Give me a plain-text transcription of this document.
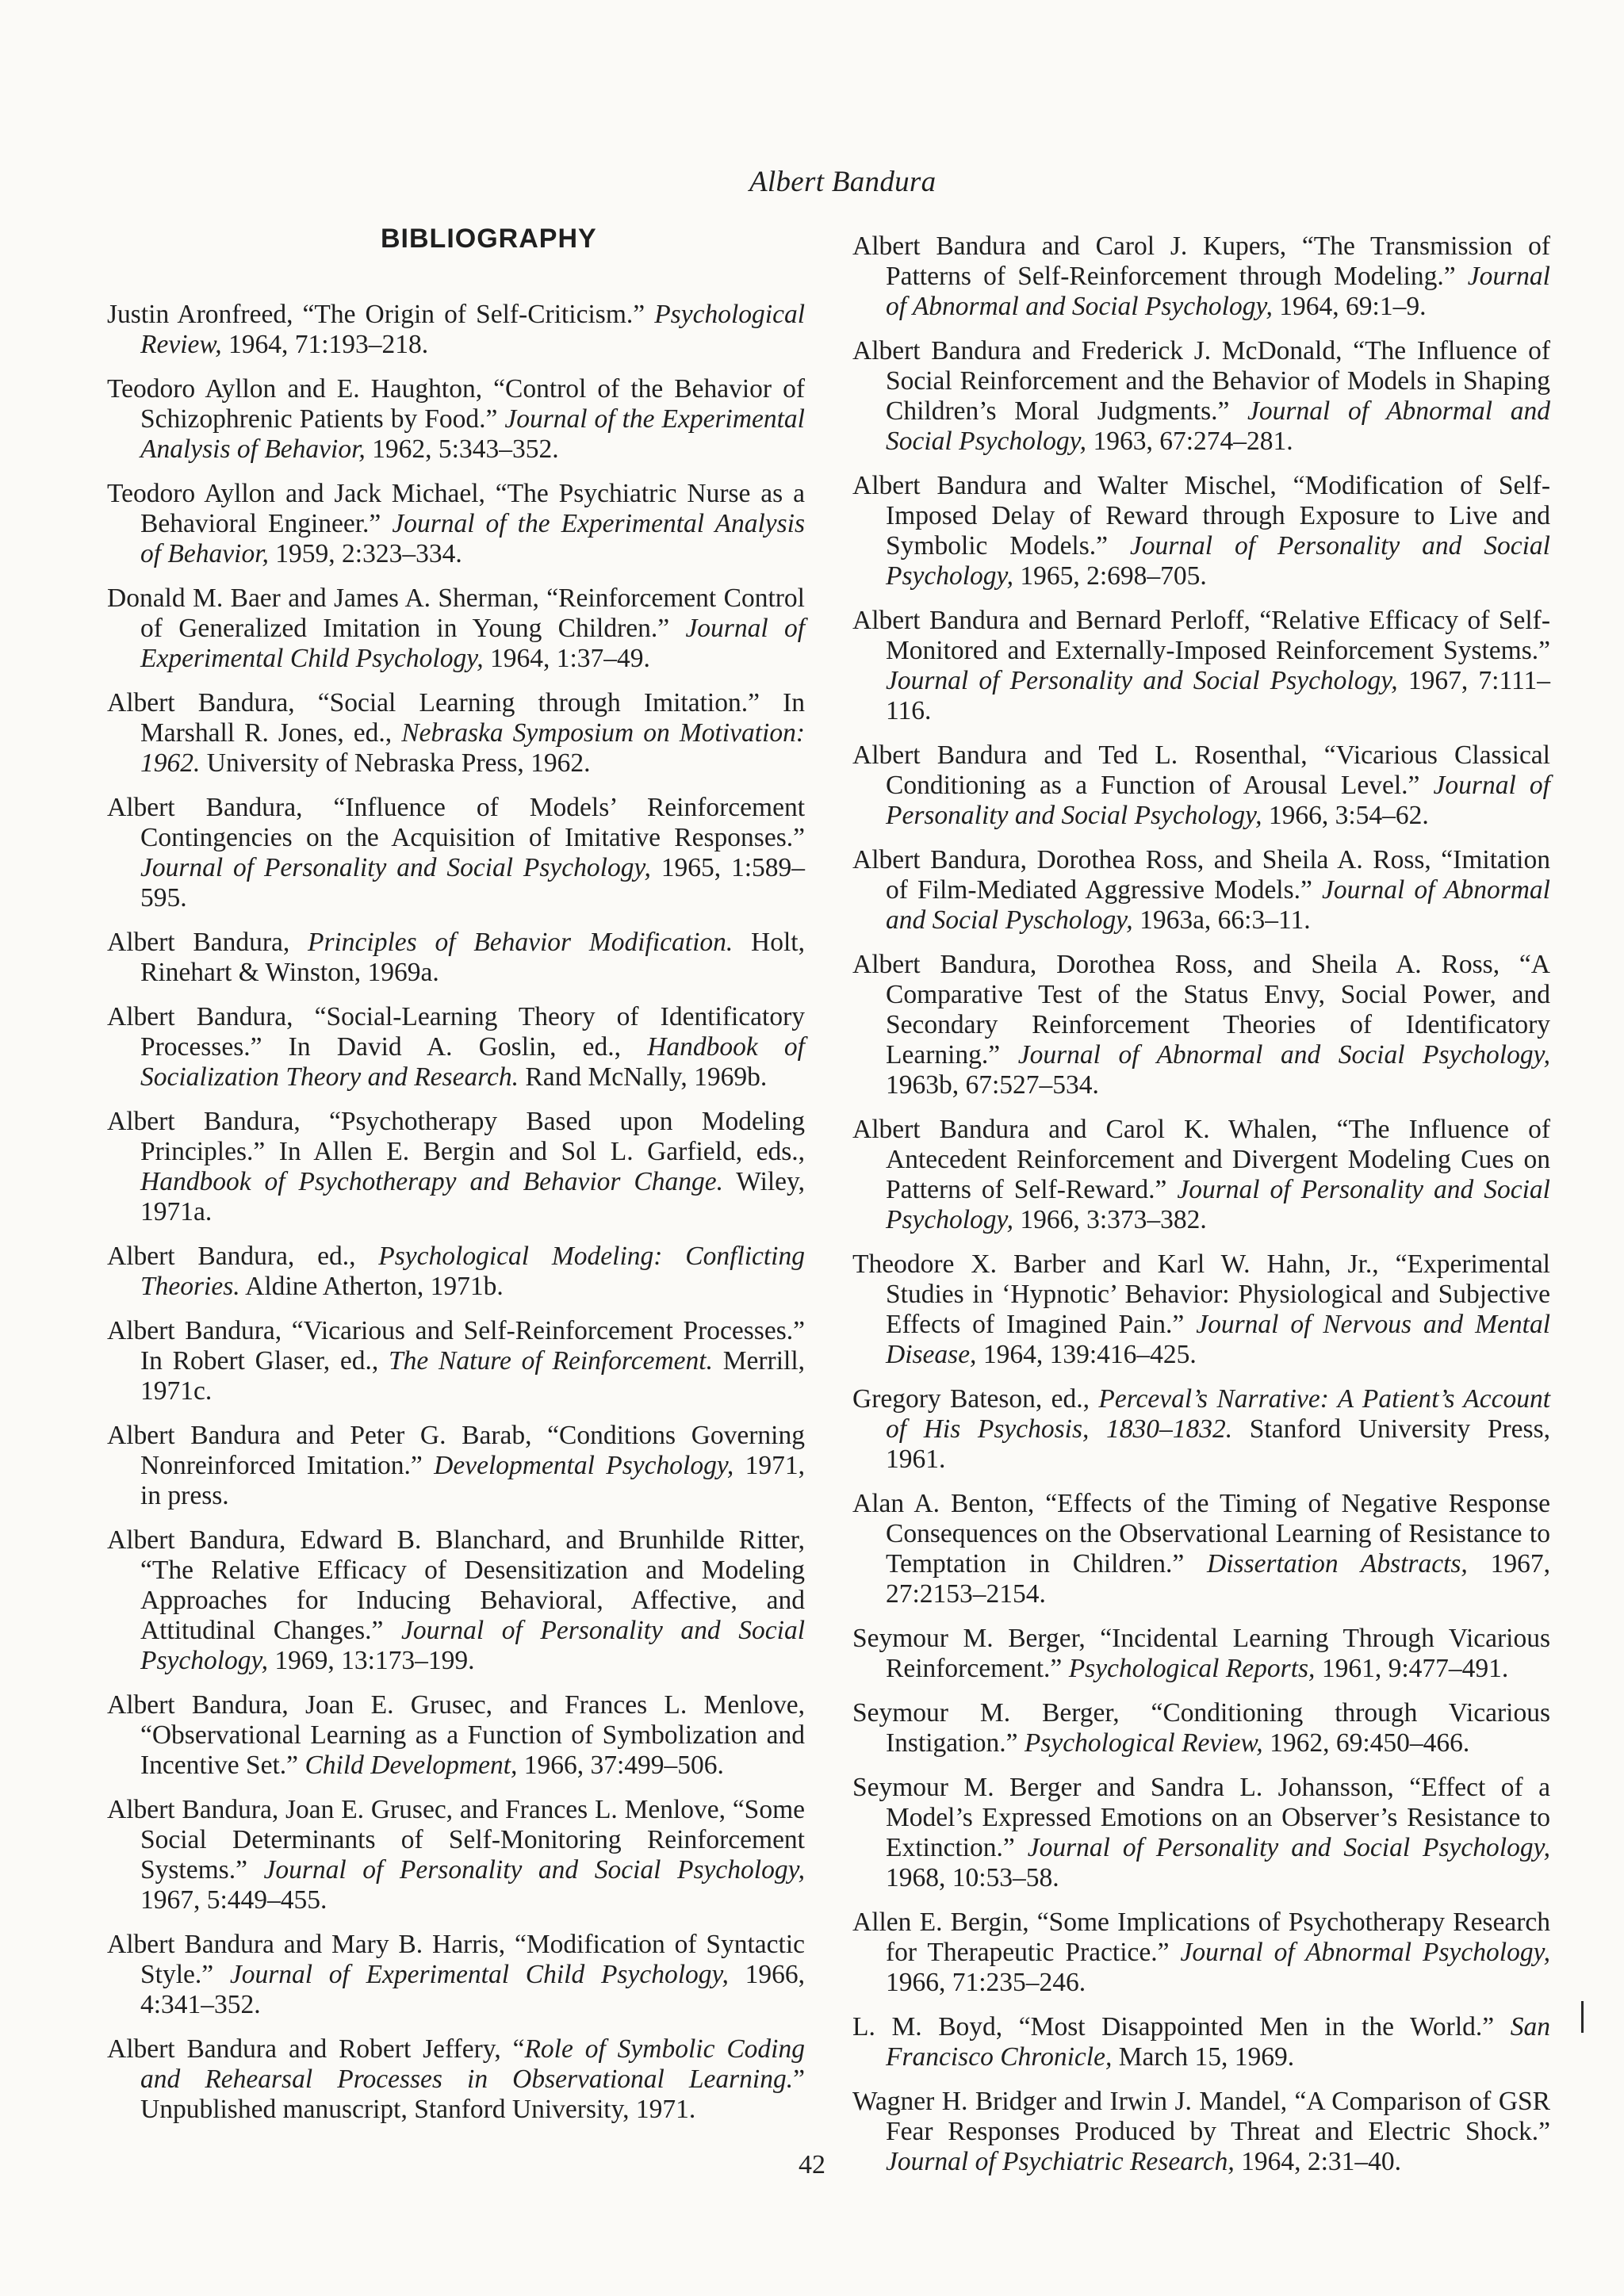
Albert Bandura
BIBLIOGRAPHY

Justin Aronfreed, “The Origin of Self-Criticism.” Psychological Review, 1964, 71:193–218.

Teodoro Ayllon and E. Haughton, “Control of the Behavior of Schizophrenic Patients by Food.” Journal of the Experimental Analysis of Behavior, 1962, 5:343–352.

Teodoro Ayllon and Jack Michael, “The Psychiatric Nurse as a Behavioral Engineer.” Journal of the Experimental Analysis of Behavior, 1959, 2:323–334.

Donald M. Baer and James A. Sherman, “Reinforcement Control of Generalized Imitation in Young Children.” Journal of Experimental Child Psychology, 1964, 1:37–49.

Albert Bandura, “Social Learning through Imitation.” In Marshall R. Jones, ed., Nebraska Symposium on Motivation: 1962. University of Nebraska Press, 1962.

Albert Bandura, “Influence of Models’ Reinforcement Contingencies on the Acquisition of Imitative Responses.” Journal of Personality and Social Psychology, 1965, 1:589–595.

Albert Bandura, Principles of Behavior Modification. Holt, Rinehart & Winston, 1969a.

Albert Bandura, “Social-Learning Theory of Identificatory Processes.” In David A. Goslin, ed., Handbook of Socialization Theory and Research. Rand McNally, 1969b.

Albert Bandura, “Psychotherapy Based upon Modeling Principles.” In Allen E. Bergin and Sol L. Garfield, eds., Handbook of Psychotherapy and Behavior Change. Wiley, 1971a.

Albert Bandura, ed., Psychological Modeling: Conflicting Theories. Aldine Atherton, 1971b.

Albert Bandura, “Vicarious and Self-Reinforcement Processes.” In Robert Glaser, ed., The Nature of Reinforcement. Merrill, 1971c.

Albert Bandura and Peter G. Barab, “Conditions Governing Nonreinforced Imitation.” Developmental Psychology, 1971, in press.

Albert Bandura, Edward B. Blanchard, and Brunhilde Ritter, “The Relative Efficacy of Desensitization and Modeling Approaches for Inducing Behavioral, Affective, and Attitudinal Changes.” Journal of Personality and Social Psychology, 1969, 13:173–199.

Albert Bandura, Joan E. Grusec, and Frances L. Menlove, “Observational Learning as a Function of Symbolization and Incentive Set.” Child Development, 1966, 37:499–506.

Albert Bandura, Joan E. Grusec, and Frances L. Menlove, “Some Social Determinants of Self-Monitoring Reinforcement Systems.” Journal of Personality and Social Psychology, 1967, 5:449–455.

Albert Bandura and Mary B. Harris, “Modification of Syntactic Style.” Journal of Experimental Child Psychology, 1966, 4:341–352.

Albert Bandura and Robert Jeffery, “Role of Symbolic Coding and Rehearsal Processes in Observational Learning.” Unpublished manuscript, Stanford University, 1971.

Albert Bandura and Carol J. Kupers, “The Transmission of Patterns of Self-Reinforcement through Modeling.” Journal of Abnormal and Social Psychology, 1964, 69:1–9.

Albert Bandura and Frederick J. McDonald, “The Influence of Social Reinforcement and the Behavior of Models in Shaping Children’s Moral Judgments.” Journal of Abnormal and Social Psychology, 1963, 67:274–281.

Albert Bandura and Walter Mischel, “Modification of Self-Imposed Delay of Reward through Exposure to Live and Symbolic Models.” Journal of Personality and Social Psychology, 1965, 2:698–705.

Albert Bandura and Bernard Perloff, “Relative Efficacy of Self-Monitored and Externally-Imposed Reinforcement Systems.” Journal of Personality and Social Psychology, 1967, 7:111–116.

Albert Bandura and Ted L. Rosenthal, “Vicarious Classical Conditioning as a Function of Arousal Level.” Journal of Personality and Social Psychology, 1966, 3:54–62.

Albert Bandura, Dorothea Ross, and Sheila A. Ross, “Imitation of Film-Mediated Aggressive Models.” Journal of Abnormal and Social Pyschology, 1963a, 66:3–11.

Albert Bandura, Dorothea Ross, and Sheila A. Ross, “A Comparative Test of the Status Envy, Social Power, and Secondary Reinforcement Theories of Identificatory Learning.” Journal of Abnormal and Social Psychology, 1963b, 67:527–534.

Albert Bandura and Carol K. Whalen, “The Influence of Antecedent Reinforcement and Divergent Modeling Cues on Patterns of Self-Reward.” Journal of Personality and Social Psychology, 1966, 3:373–382.

Theodore X. Barber and Karl W. Hahn, Jr., “Experimental Studies in ‘Hypnotic’ Behavior: Physiological and Subjective Effects of Imagined Pain.” Journal of Nervous and Mental Disease, 1964, 139:416–425.

Gregory Bateson, ed., Perceval’s Narrative: A Patient’s Account of His Psychosis, 1830–1832. Stanford University Press, 1961.

Alan A. Benton, “Effects of the Timing of Negative Response Consequences on the Observational Learning of Resistance to Temptation in Children.” Dissertation Abstracts, 1967, 27:2153–2154.

Seymour M. Berger, “Incidental Learning Through Vicarious Reinforcement.” Psychological Reports, 1961, 9:477–491.

Seymour M. Berger, “Conditioning through Vicarious Instigation.” Psychological Review, 1962, 69:450–466.

Seymour M. Berger and Sandra L. Johansson, “Effect of a Model’s Expressed Emotions on an Observer’s Resistance to Extinction.” Journal of Personality and Social Psychology, 1968, 10:53–58.

Allen E. Bergin, “Some Implications of Psychotherapy Research for Therapeutic Practice.” Journal of Abnormal Psychology, 1966, 71:235–246.

L. M. Boyd, “Most Disappointed Men in the World.” San Francisco Chronicle, March 15, 1969.

Wagner H. Bridger and Irwin J. Mandel, “A Comparison of GSR Fear Responses Produced by Threat and Electric Shock.” Journal of Psychiatric Research, 1964, 2:31–40.

42
